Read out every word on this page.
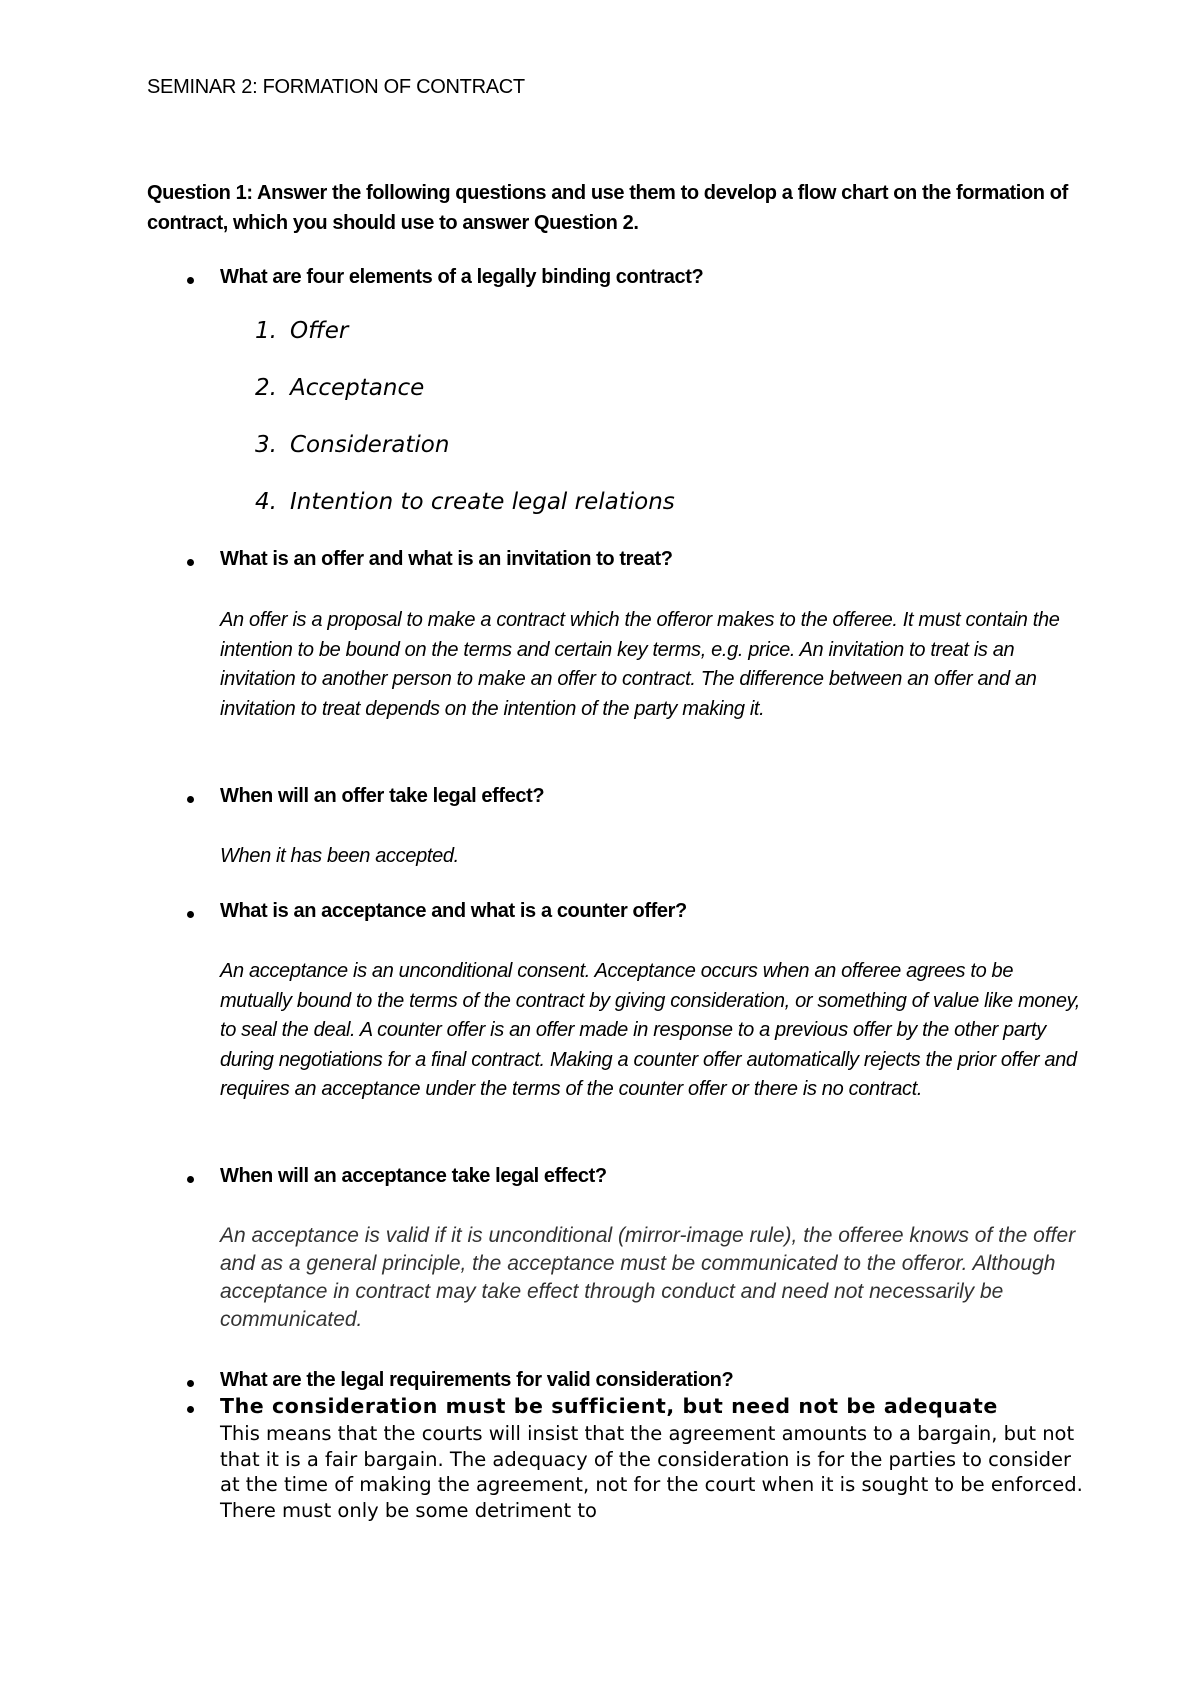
SEMINAR 2: FORMATION OF CONTRACT
Question 1: Answer the following questions and use them to develop a flow chart on the formation of contract, which you should use to answer Question 2.
What are four elements of a legally binding contract?
1. Offer
2. Acceptance
3. Consideration
4. Intention to create legal relations
What is an offer and what is an invitation to treat?
An offer is a proposal to make a contract which the offeror makes to the offeree. It must contain the intention to be bound on the terms and certain key terms, e.g. price. An invitation to treat is an invitation to another person to make an offer to contract. The difference between an offer and an invitation to treat depends on the intention of the party making it.
When will an offer take legal effect?
When it has been accepted.
What is an acceptance and what is a counter offer?
An acceptance is an unconditional consent. Acceptance occurs when an offeree agrees to be mutually bound to the terms of the contract by giving consideration, or something of value like money, to seal the deal. A counter offer is an offer made in response to a previous offer by the other party during negotiations for a final contract. Making a counter offer automatically rejects the prior offer and requires an acceptance under the terms of the counter offer or there is no contract.
When will an acceptance take legal effect?
An acceptance is valid if it is unconditional (mirror-image rule), the offeree knows of the offer and as a general principle, the acceptance must be communicated to the offeror. Although acceptance in contract may take effect through conduct and need not necessarily be communicated.
What are the legal requirements for valid consideration?
The consideration must be sufficient, but need not be adequate
This means that the courts will insist that the agreement amounts to a bargain, but not that it is a fair bargain. The adequacy of the consideration is for the parties to consider at the time of making the agreement, not for the court when it is sought to be enforced. There must only be some detriment to
